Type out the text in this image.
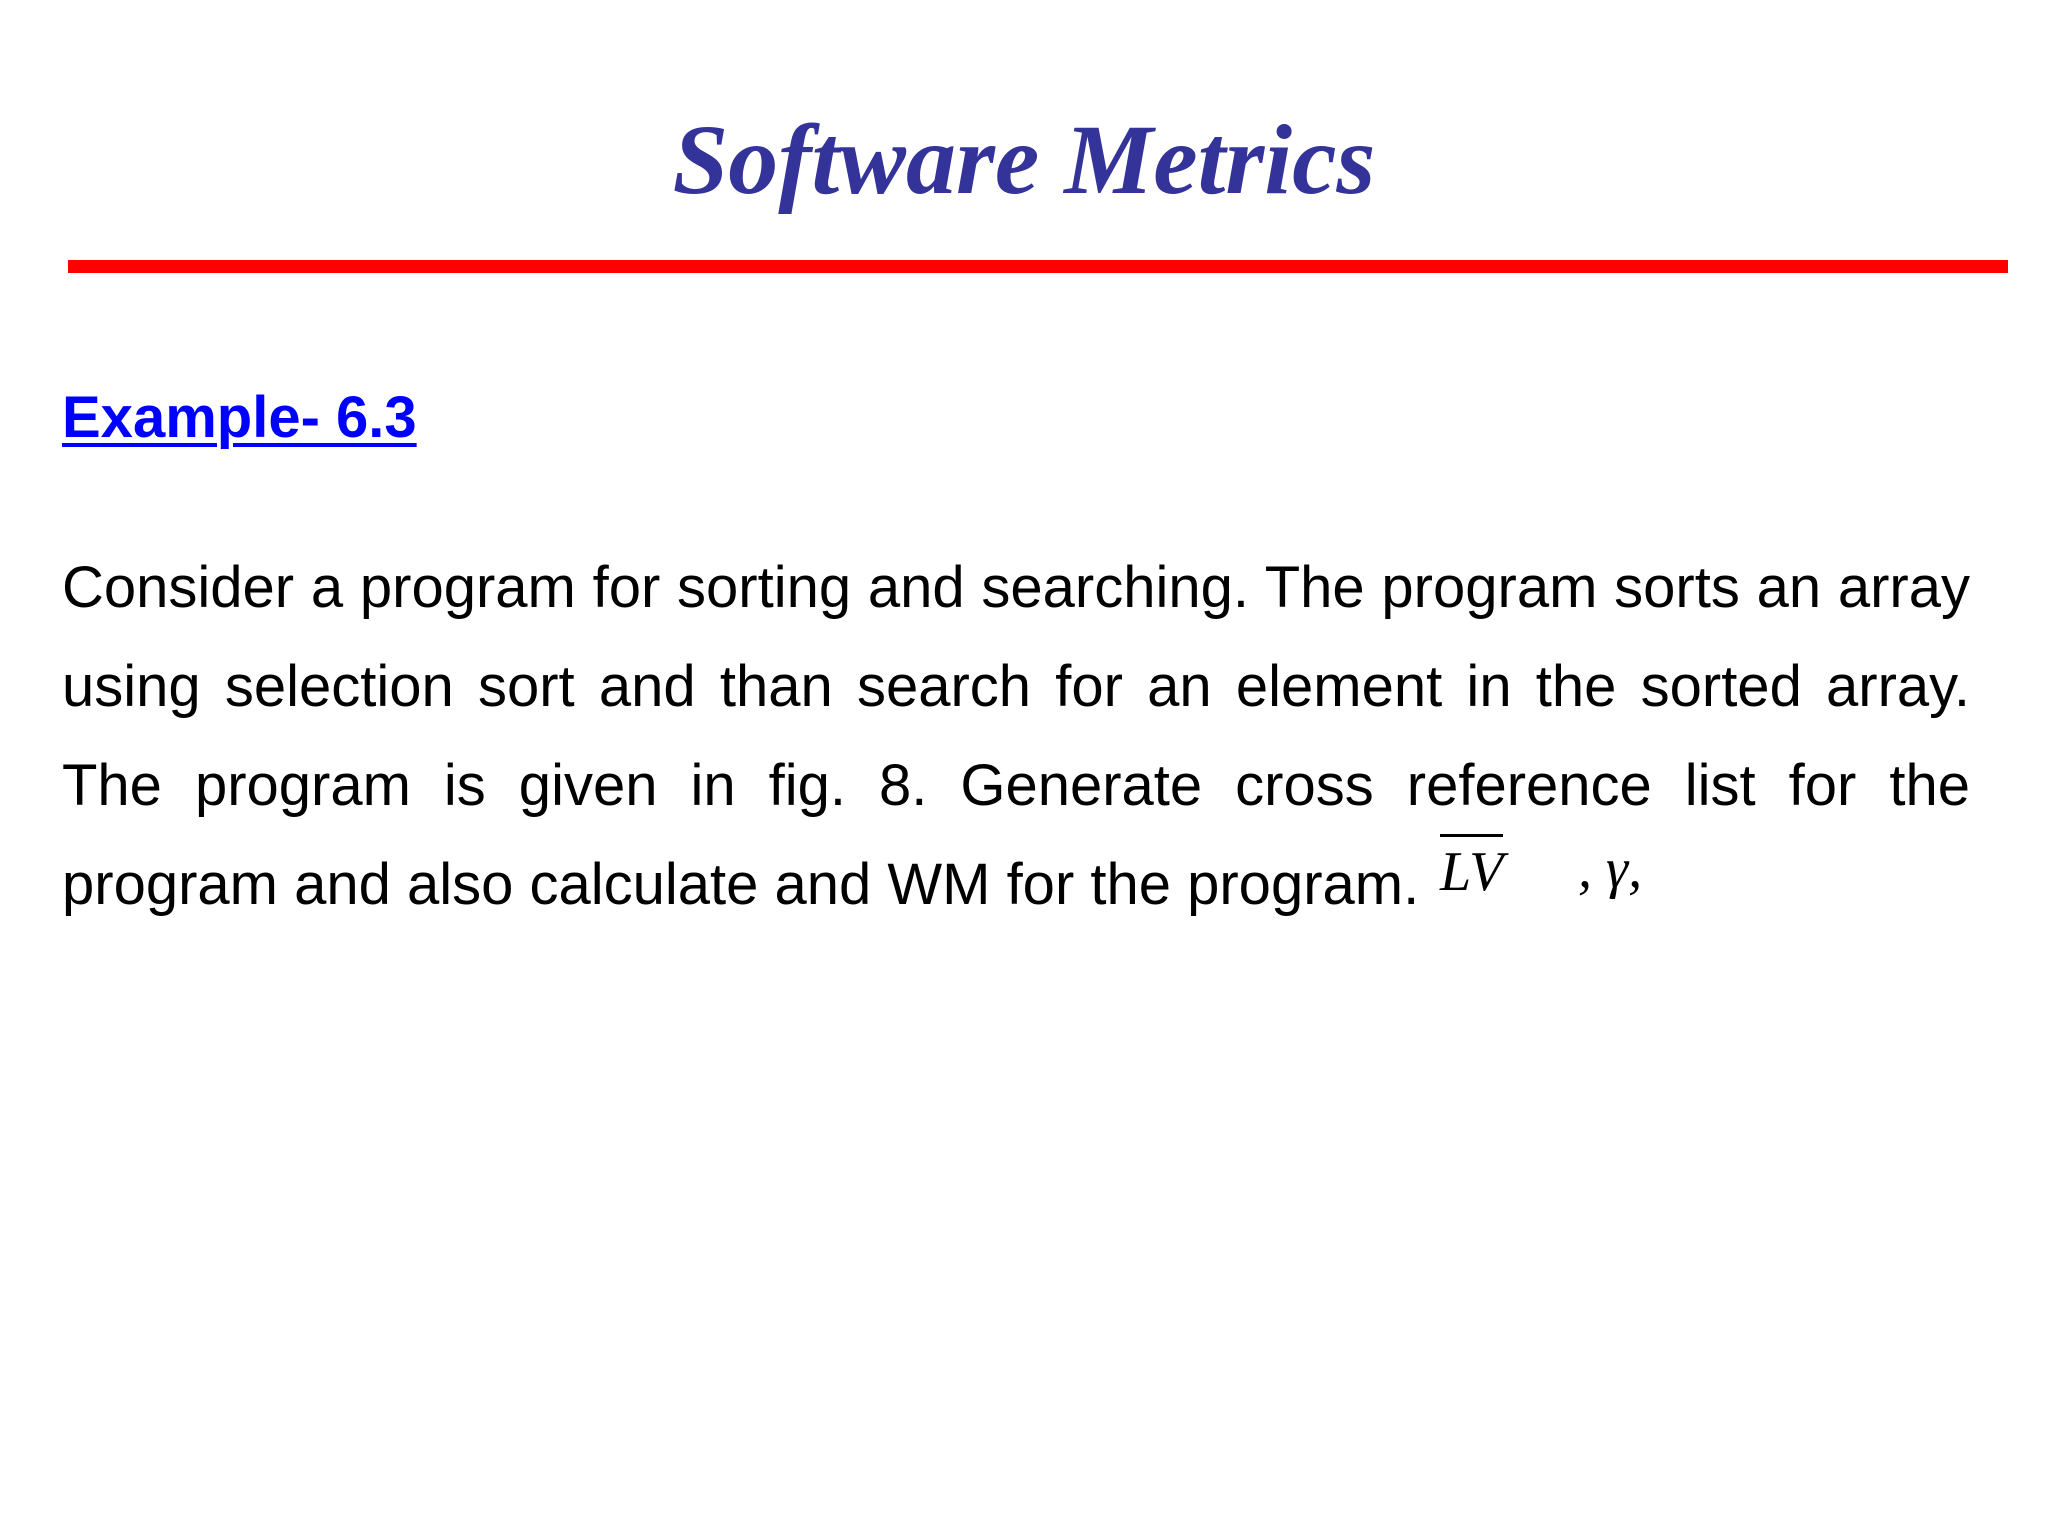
Software Metrics
Example- 6.3

Consider a program for sorting and searching. The program sorts an array using selection sort and than search for an element in the sorted array. The program is given in fig. 8. Generate cross reference list for the program and also calculate and WM for the program. LV , γ,
